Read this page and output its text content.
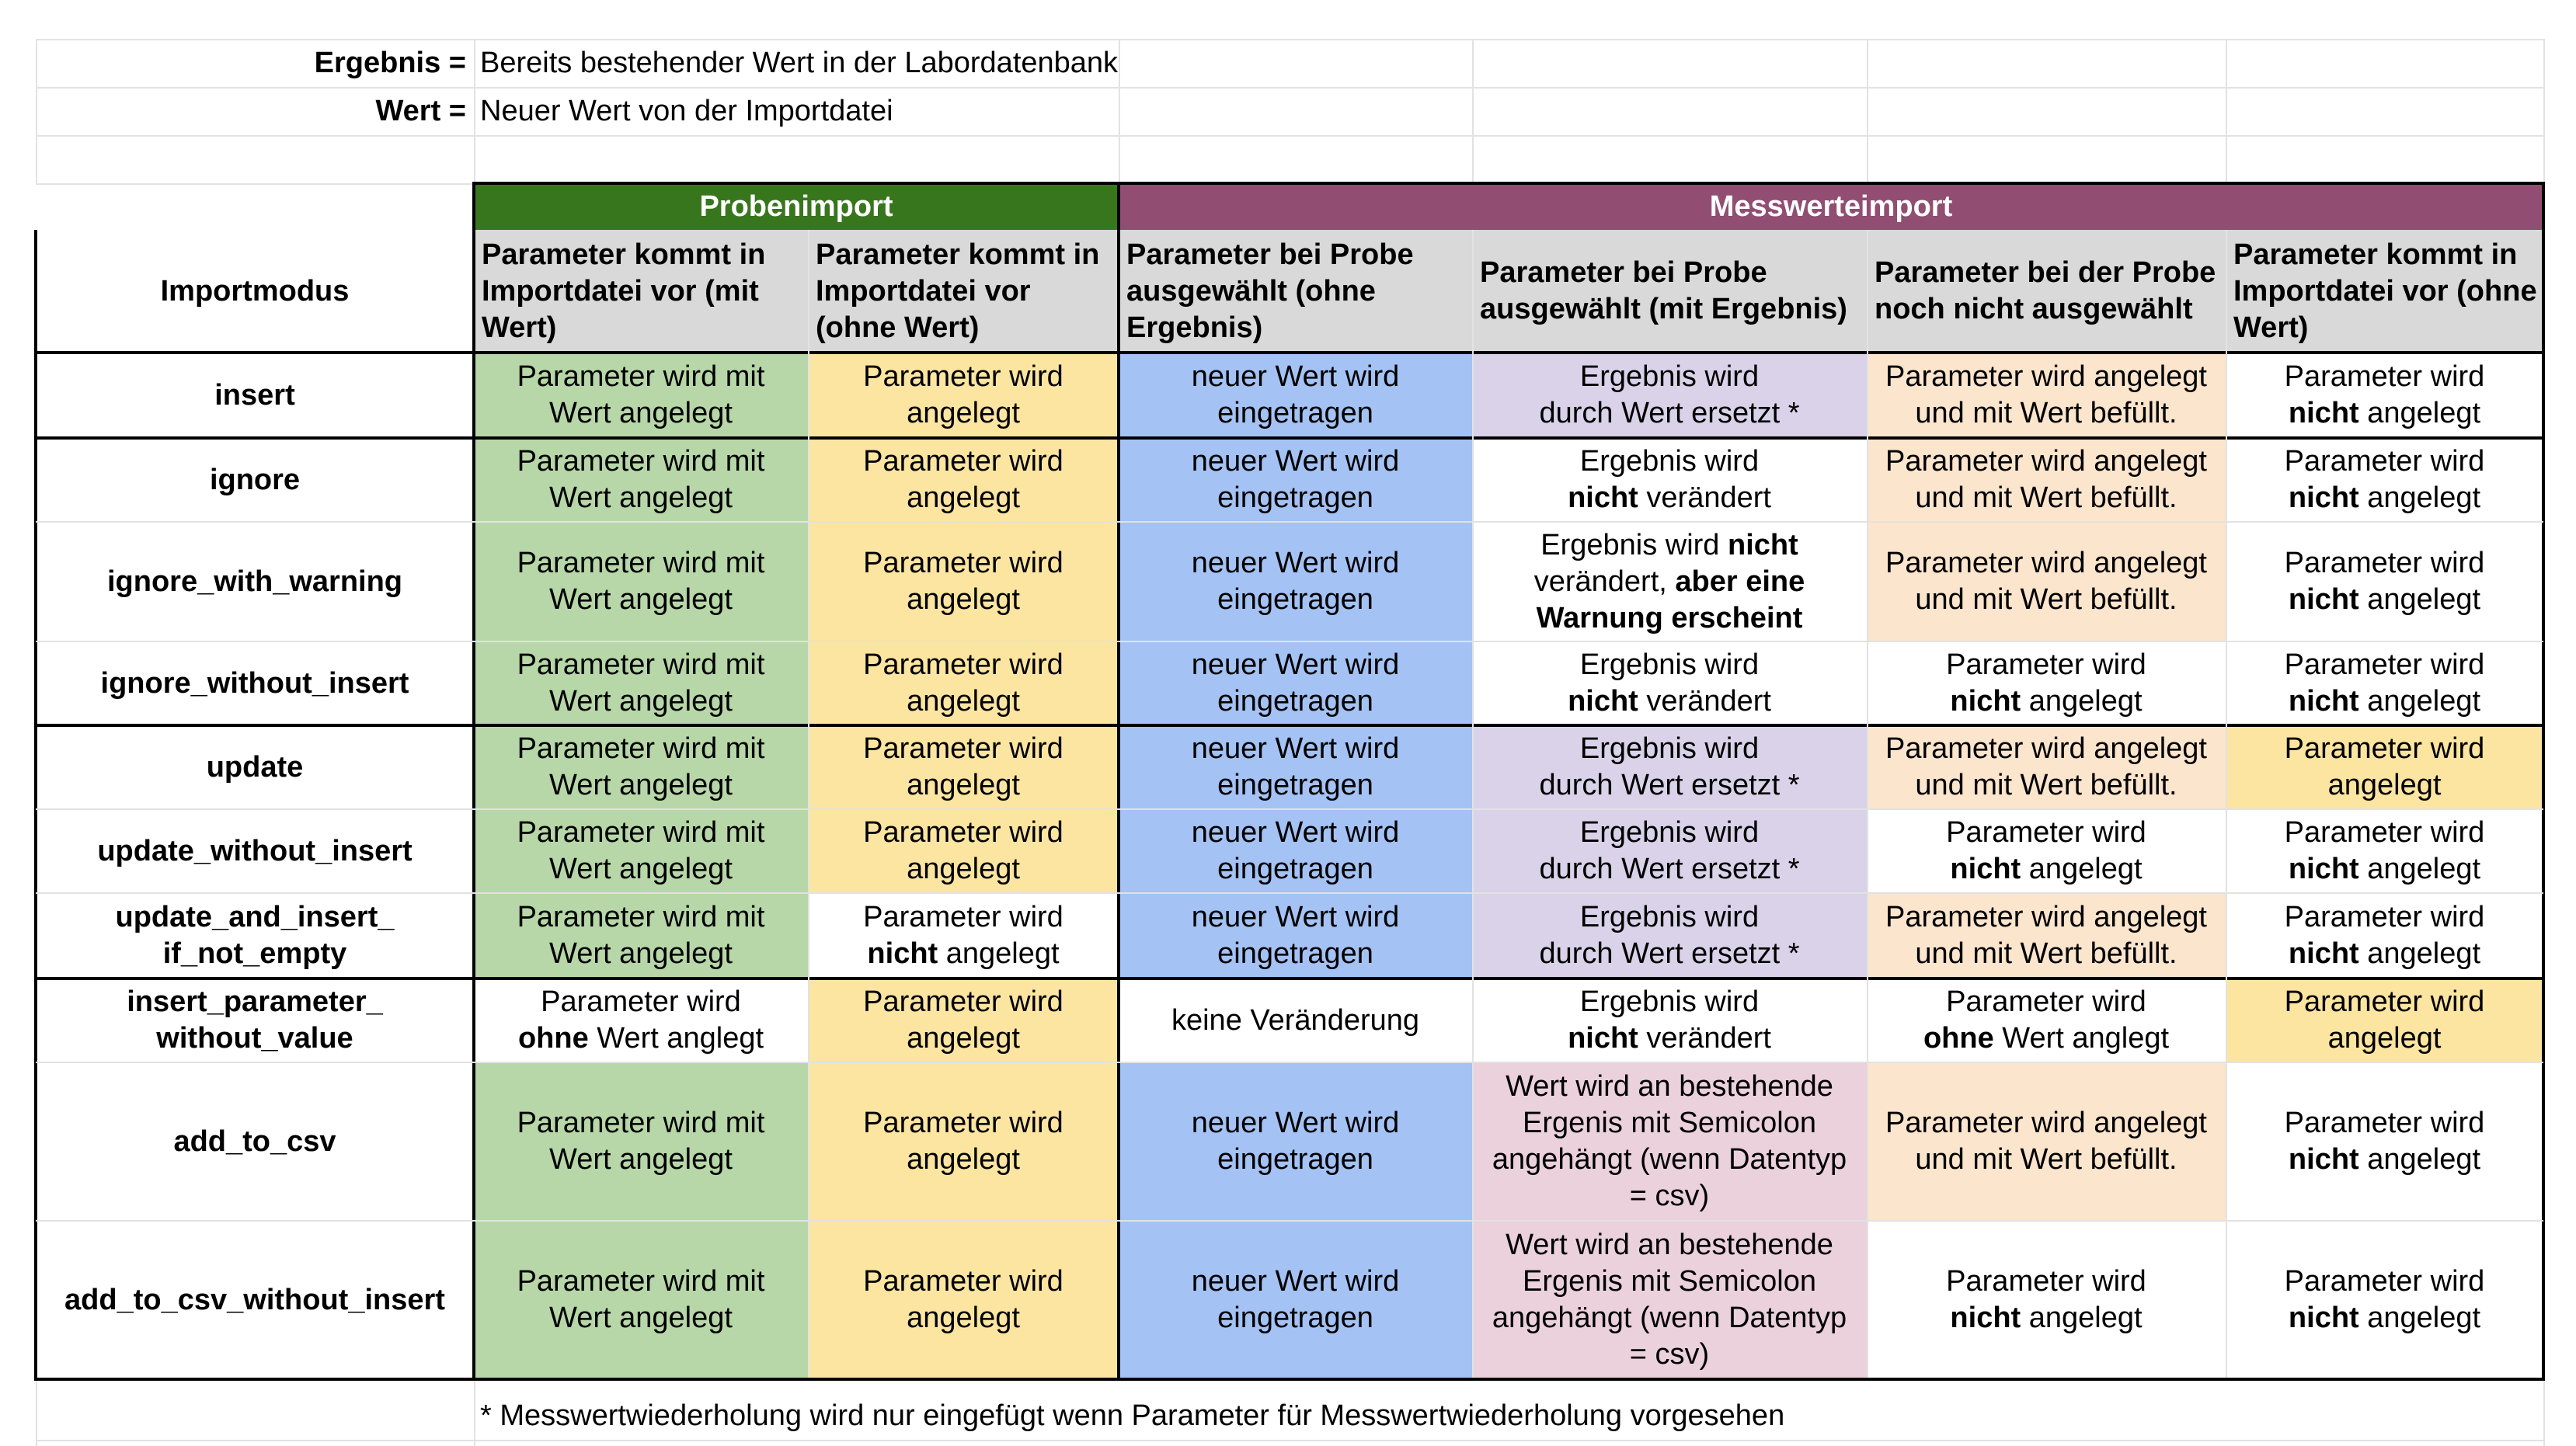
Ergebnis = Bereits bestehender Wert in der Labordatenbank
Wert = Neuer Wert von der Importdatei
Probenimport	Messwerteimport
Importmodus
Parameter kommt in Importdatei vor (mit Wert)
Parameter kommt in Importdatei vor (ohne Wert)
Parameter bei Probe ausgewählt (ohne Ergebnis)
Parameter bei Probe ausgewählt (mit Ergebnis)
Parameter bei der Probe noch nicht ausgewählt
Parameter kommt in Importdatei vor (ohne Wert)
insert
Parameter wird mit
Wert angelegt
Parameter wird
angelegt
neuer Wert wird
eingetragen
Ergebnis wird
durch Wert ersetzt *
Parameter wird angelegt
und mit Wert befüllt.
Parameter wird
nicht angelegt
ignore
Parameter wird mit
Wert angelegt
Parameter wird
angelegt
neuer Wert wird
eingetragen
Ergebnis wird
nicht verändert
Parameter wird angelegt
und mit Wert befüllt.
Parameter wird
nicht angelegt
ignore_with_warning
Parameter wird mit
Wert angelegt
Parameter wird
angelegt
neuer Wert wird
eingetragen
Ergebnis wird nicht
verändert, aber eine
Warnung erscheint
Parameter wird angelegt
und mit Wert befüllt.
Parameter wird
nicht angelegt
ignore_without_insert
Parameter wird mit
Wert angelegt
Parameter wird
angelegt
neuer Wert wird
eingetragen
Ergebnis wird
nicht verändert
Parameter wird
nicht angelegt
Parameter wird
nicht angelegt
update
Parameter wird mit
Wert angelegt
Parameter wird
angelegt
neuer Wert wird
eingetragen
Ergebnis wird
durch Wert ersetzt *
Parameter wird angelegt
und mit Wert befüllt.
Parameter wird
angelegt
update_without_insert
Parameter wird mit
Wert angelegt
Parameter wird
angelegt
neuer Wert wird
eingetragen
Ergebnis wird
durch Wert ersetzt *
Parameter wird
nicht angelegt
Parameter wird
nicht angelegt
update_and_insert_
if_not_empty
Parameter wird mit
Wert angelegt
Parameter wird
nicht angelegt
neuer Wert wird
eingetragen
Ergebnis wird
durch Wert ersetzt *
Parameter wird angelegt
und mit Wert befüllt.
Parameter wird
nicht angelegt
insert_parameter_
without_value
Parameter wird
ohne Wert anglegt
Parameter wird
angelegt
keine Veränderung
Ergebnis wird
nicht verändert
Parameter wird
ohne Wert anglegt
Parameter wird
angelegt
add_to_csv
Parameter wird mit
Wert angelegt
Parameter wird
angelegt
neuer Wert wird
eingetragen
Wert wird an bestehende
Ergenis mit Semicolon
angehängt (wenn Datentyp
= csv)
Parameter wird angelegt
und mit Wert befüllt.
Parameter wird
nicht angelegt
add_to_csv_without_insert
Parameter wird mit
Wert angelegt
Parameter wird
angelegt
neuer Wert wird
eingetragen
Wert wird an bestehende
Ergenis mit Semicolon
angehängt (wenn Datentyp
= csv)
Parameter wird
nicht angelegt
Parameter wird
nicht angelegt
* Messwertwiederholung wird nur eingefügt wenn Parameter für Messwertwiederholung vorgesehen
